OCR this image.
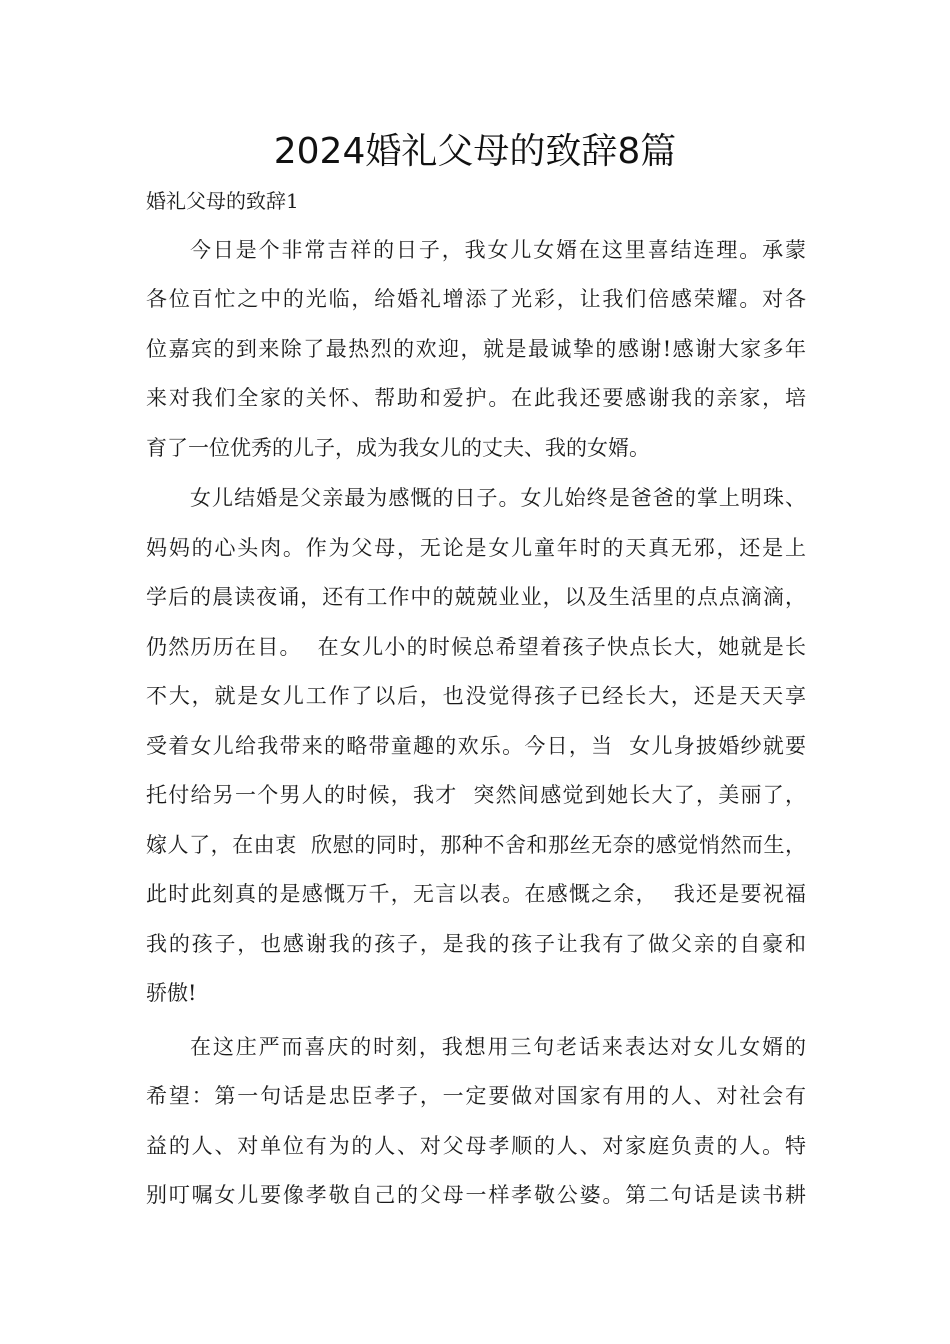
2024婚礼父母的致辞8篇
婚礼父母的致辞1
今日是个非常吉祥的日子，我女儿女婿在这里喜结连理。承蒙
各位百忙之中的光临，给婚礼增添了光彩，让我们倍感荣耀。对各
位嘉宾的到来除了最热烈的欢迎，就是最诚挚的感谢!感谢大家多年
来对我们全家的关怀、帮助和爱护。在此我还要感谢我的亲家，培
育了一位优秀的儿子，成为我女儿的丈夫、我的女婿。
女儿结婚是父亲最为感慨的日子。女儿始终是爸爸的掌上明珠、
妈妈的心头肉。作为父母，无论是女儿童年时的天真无邪，还是上
学后的晨读夜诵，还有工作中的兢兢业业，以及生活里的点点滴滴，
仍然历历在目。  在女儿小的时候总希望着孩子快点长大，她就是长
不大，就是女儿工作了以后，也没觉得孩子已经长大，还是天天享
受着女儿给我带来的略带童趣的欢乐。今日，当  女儿身披婚纱就要
托付给另一个男人的时候，我才  突然间感觉到她长大了，美丽了，
嫁人了，在由衷  欣慰的同时，那种不舍和那丝无奈的感觉悄然而生，
此时此刻真的是感慨万千，无言以表。在感慨之余，  我还是要祝福
我的孩子，也感谢我的孩子，是我的孩子让我有了做父亲的自豪和
骄傲!
在这庄严而喜庆的时刻，我想用三句老话来表达对女儿女婿的
希望：第一句话是忠臣孝子，一定要做对国家有用的人、对社会有
益的人、对单位有为的人、对父母孝顺的人、对家庭负责的人。特
别叮嘱女儿要像孝敬自己的父母一样孝敬公婆。第二句话是读书耕
